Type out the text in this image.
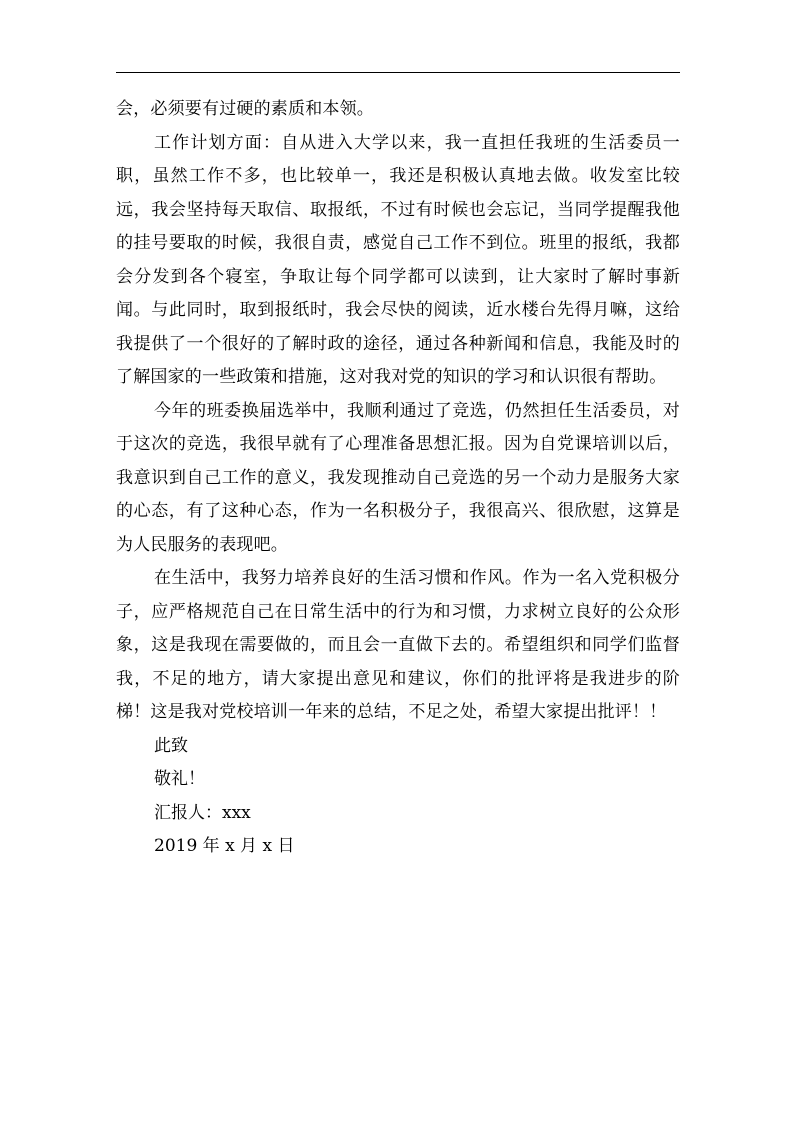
会，必须要有过硬的素质和本领。

工作计划方面：自从进入大学以来，我一直担任我班的生活委员一职，虽然工作不多，也比较单一，我还是积极认真地去做。收发室比较远，我会坚持每天取信、取报纸，不过有时候也会忘记，当同学提醒我他的挂号要取的时候，我很自责，感觉自己工作不到位。班里的报纸，我都会分发到各个寝室，争取让每个同学都可以读到，让大家时了解时事新闻。与此同时，取到报纸时，我会尽快的阅读，近水楼台先得月嘛，这给我提供了一个很好的了解时政的途径，通过各种新闻和信息，我能及时的了解国家的一些政策和措施，这对我对党的知识的学习和认识很有帮助。

今年的班委换届选举中，我顺利通过了竞选，仍然担任生活委员，对于这次的竞选，我很早就有了心理准备思想汇报。因为自党课培训以后，我意识到自己工作的意义，我发现推动自己竞选的另一个动力是服务大家的心态，有了这种心态，作为一名积极分子，我很高兴、很欣慰，这算是为人民服务的表现吧。

在生活中，我努力培养良好的生活习惯和作风。作为一名入党积极分子，应严格规范自己在日常生活中的行为和习惯，力求树立良好的公众形象，这是我现在需要做的，而且会一直做下去的。希望组织和同学们监督我，不足的地方，请大家提出意见和建议，你们的批评将是我进步的阶梯！这是我对党校培训一年来的总结，不足之处，希望大家提出批评！！

此致

敬礼！

汇报人：xxx

2019 年 x 月 x 日
